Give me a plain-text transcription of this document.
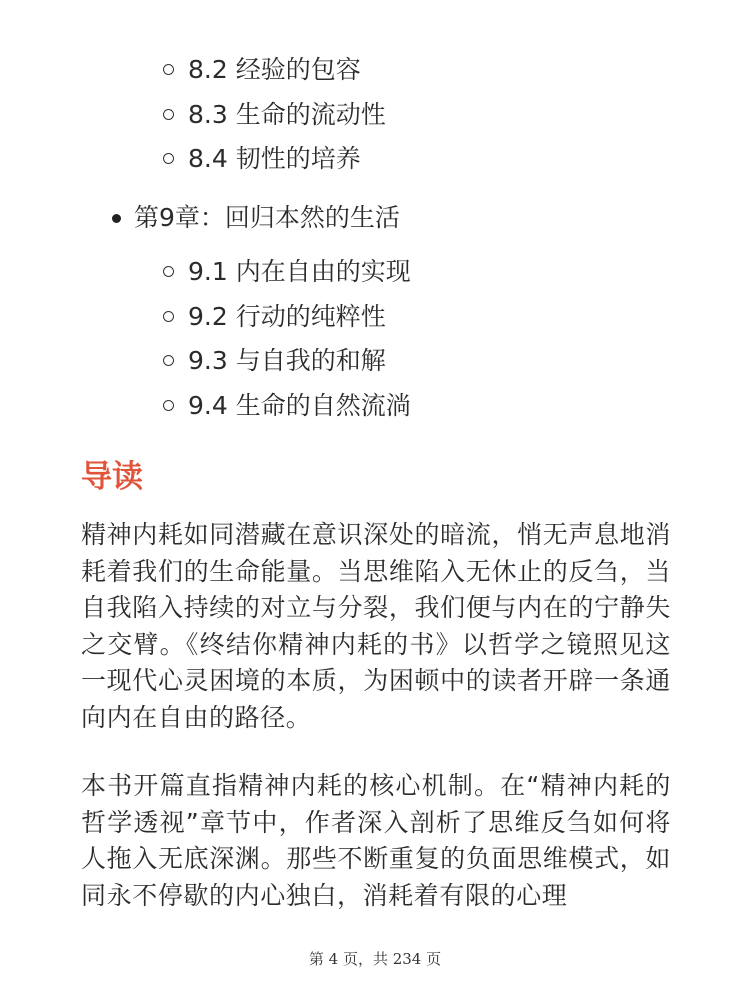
8.2 经验的包容
8.3 生命的流动性
8.4 韧性的培养
第9章：回归本然的生活
9.1 内在自由的实现
9.2 行动的纯粹性
9.3 与自我的和解
9.4 生命的自然流淌
导读

精神内耗如同潜藏在意识深处的暗流，悄无声息地消耗着我们的生命能量。当思维陷入无休止的反刍，当自我陷入持续的对立与分裂，我们便与内在的宁静失之交臂。《终结你精神内耗的书》以哲学之镜照见这一现代心灵困境的本质，为困顿中的读者开辟一条通向内在自由的路径。

本书开篇直指精神内耗的核心机制。在“精神内耗的哲学透视”章节中，作者深入剖析了思维反刍如何将人拖入无底深渊。那些不断重复的负面思维模式，如同永不停歇的内心独白，消耗着有限的心理

第 4 页，共 234 页
